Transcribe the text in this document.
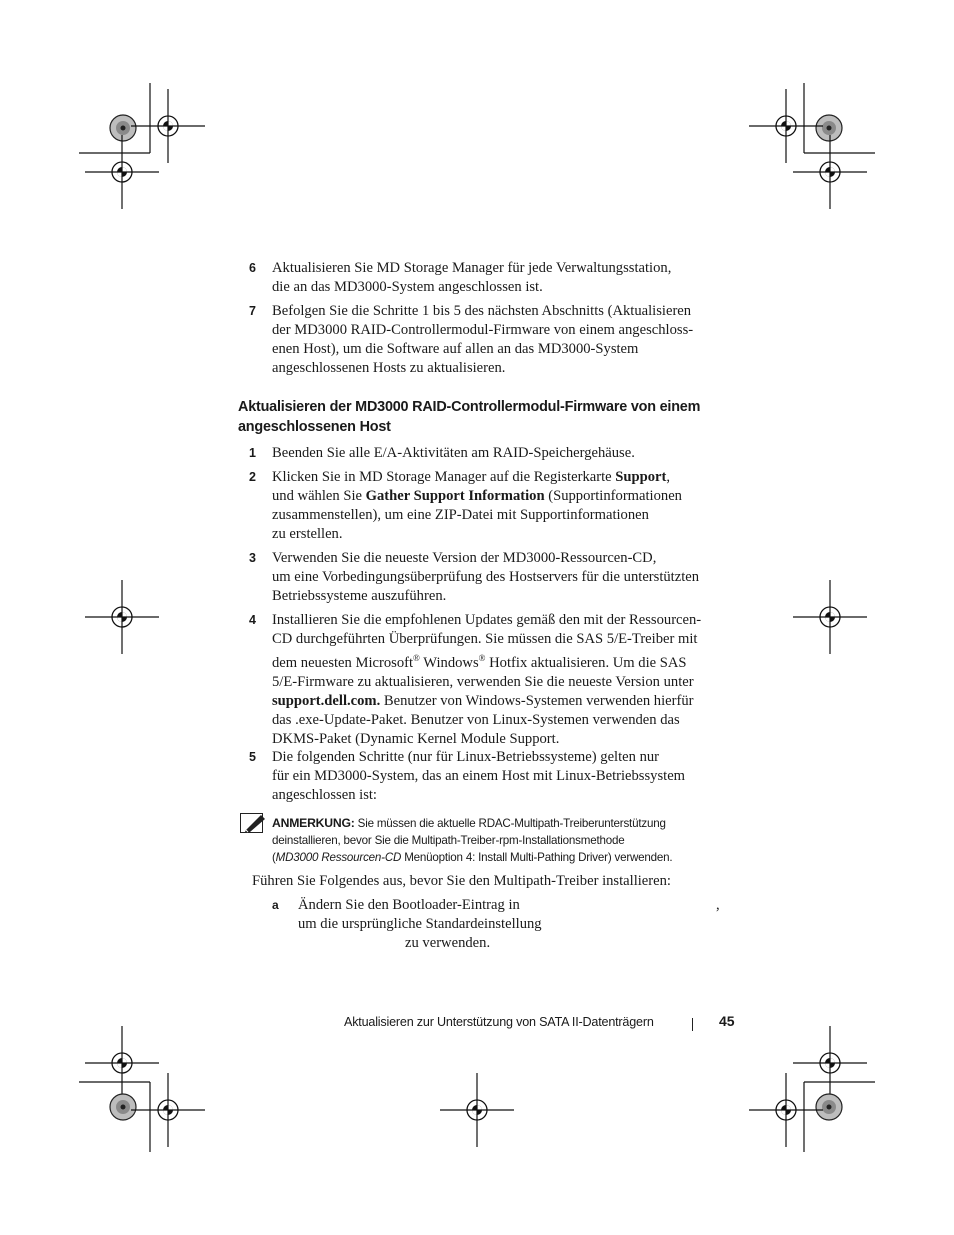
6 Aktualisieren Sie MD Storage Manager für jede Verwaltungsstation,
die an das MD3000-System angeschlossen ist.
7 Befolgen Sie die Schritte 1 bis 5 des nächsten Abschnitts (Aktualisieren
der MD3000 RAID-Controllermodul-Firmware von einem angeschloss-
enen Host), um die Software auf allen an das MD3000-System
angeschlossenen Hosts zu aktualisieren.
Aktualisieren der MD3000 RAID-Controllermodul-Firmware von einem
angeschlossenen Host
1 Beenden Sie alle E/A-Aktivitäten am RAID-Speichergehäuse.
2 Klicken Sie in MD Storage Manager auf die Registerkarte Support,
und wählen Sie Gather Support Information (Supportinformationen
zusammenstellen), um eine ZIP-Datei mit Supportinformationen
zu erstellen.
3 Verwenden Sie die neueste Version der MD3000-Ressourcen-CD,
um eine Vorbedingungsüberprüfung des Hostservers für die unterstützten
Betriebssysteme auszuführen.
4 Installieren Sie die empfohlenen Updates gemäß den mit der Ressourcen-
CD durchgeführten Überprüfungen. Sie müssen die SAS 5/E-Treiber mit
dem neuesten Microsoft® Windows® Hotfix aktualisieren. Um die SAS
5/E-Firmware zu aktualisieren, verwenden Sie die neueste Version unter
support.dell.com. Benutzer von Windows-Systemen verwenden hierfür
das .exe-Update-Paket. Benutzer von Linux-Systemen verwenden das
DKMS-Paket (Dynamic Kernel Module Support.
5 Die folgenden Schritte (nur für Linux-Betriebssysteme) gelten nur
für ein MD3000-System, das an einem Host mit Linux-Betriebssystem
angeschlossen ist:
ANMERKUNG: Sie müssen die aktuelle RDAC-Multipath-Treiberunterstützung
deinstallieren, bevor Sie die Multipath-Treiber-rpm-Installationsmethode
(MD3000 Ressourcen-CD Menüoption 4: Install Multi-Pathing Driver) verwenden.
Führen Sie Folgendes aus, bevor Sie den Multipath-Treiber installieren:
a Ändern Sie den Bootloader-Eintrag in
um die ursprüngliche Standardeinstellung
zu verwenden.
,
Aktualisieren zur Unterstützung von SATA II-Datenträgern	45
